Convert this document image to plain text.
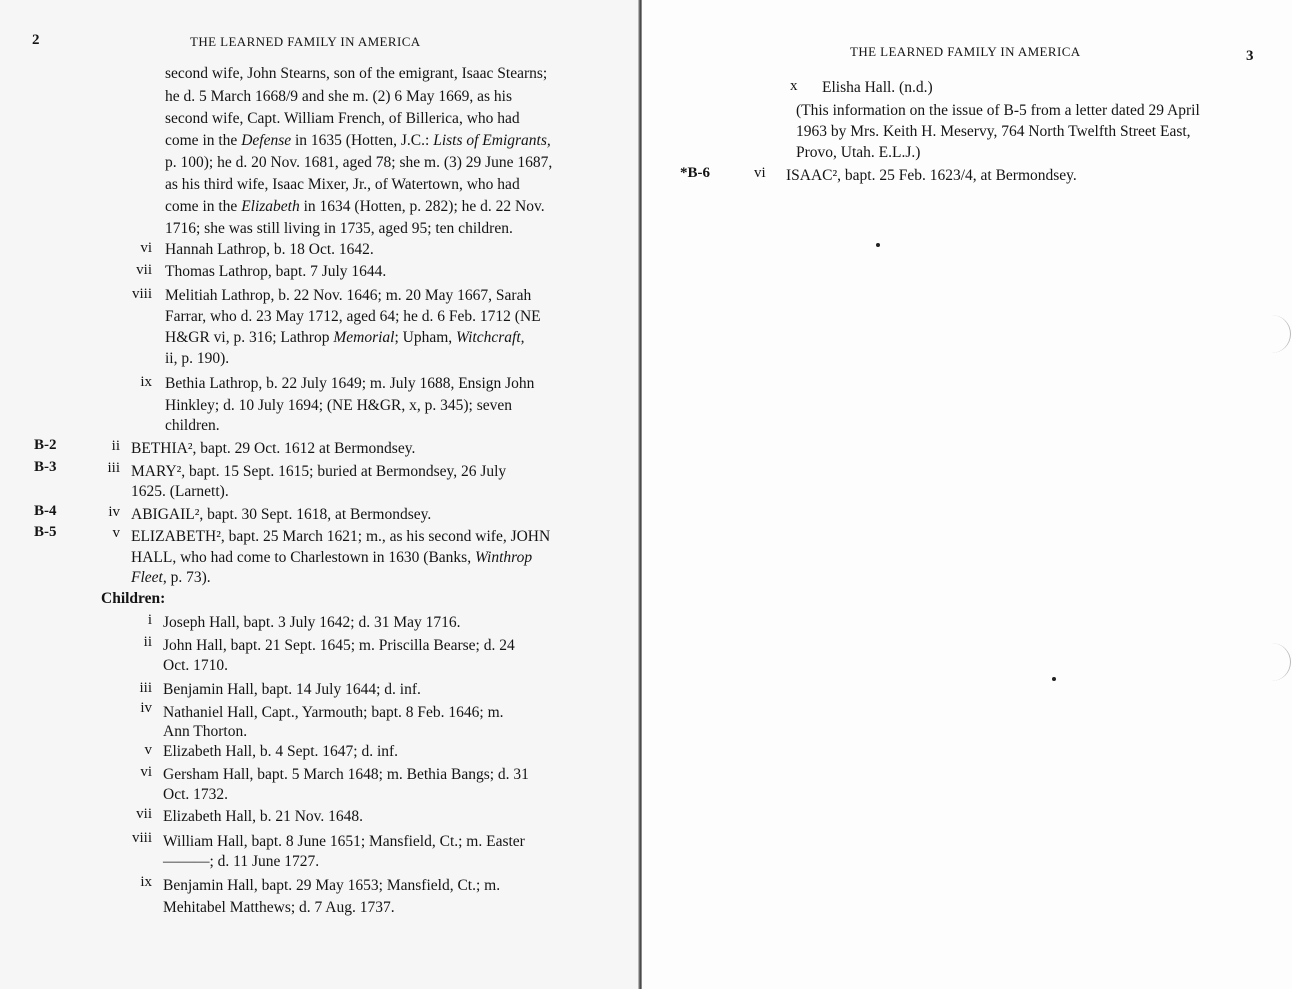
2	THE LEARNED FAMILY IN AMERICA
second wife, John Stearns, son of the emigrant, Isaac Stearns;
he d. 5 March 1668/9 and she m. (2) 6 May 1669, as his
second wife, Capt. William French, of Billerica, who had
come in the Defense in 1635 (Hotten, J.C.: Lists of Emigrants,
p. 100); he d. 20 Nov. 1681, aged 78; she m. (3) 29 June 1687,
as his third wife, Isaac Mixer, Jr., of Watertown, who had
come in the Elizabeth in 1634 (Hotten, p. 282); he d. 22 Nov.
1716; she was still living in 1735, aged 95; ten children.
vi Hannah Lathrop, b. 18 Oct. 1642.
vii Thomas Lathrop, bapt. 7 July 1644.
viii Melitiah Lathrop, b. 22 Nov. 1646; m. 20 May 1667, Sarah
Farrar, who d. 23 May 1712, aged 64; he d. 6 Feb. 1712 (NE
H&GR vi, p. 316; Lathrop Memorial; Upham, Witchcraft,
ii, p. 190).
ix Bethia Lathrop, b. 22 July 1649; m. July 1688, Ensign John
Hinkley; d. 10 July 1694; (NE H&GR, x, p. 345); seven
children.
B-2	ii BETHIA², bapt. 29 Oct. 1612 at Bermondsey.
B-3	iii MARY², bapt. 15 Sept. 1615; buried at Bermondsey, 26 July
1625. (Larnett).
B-4	iv ABIGAIL², bapt. 30 Sept. 1618, at Bermondsey.
B-5	v ELIZABETH², bapt. 25 March 1621; m., as his second wife, JOHN
HALL, who had come to Charlestown in 1630 (Banks, Winthrop
Fleet, p. 73).
Children:
i Joseph Hall, bapt. 3 July 1642; d. 31 May 1716.
ii John Hall, bapt. 21 Sept. 1645; m. Priscilla Bearse; d. 24
Oct. 1710.
iii Benjamin Hall, bapt. 14 July 1644; d. inf.
iv Nathaniel Hall, Capt., Yarmouth; bapt. 8 Feb. 1646; m.
Ann Thorton.
v Elizabeth Hall, b. 4 Sept. 1647; d. inf.
vi Gersham Hall, bapt. 5 March 1648; m. Bethia Bangs; d. 31
Oct. 1732.
vii Elizabeth Hall, b. 21 Nov. 1648.
viii William Hall, bapt. 8 June 1651; Mansfield, Ct.; m. Easter
———; d. 11 June 1727.
ix Benjamin Hall, bapt. 29 May 1653; Mansfield, Ct.; m.
Mehitabel Matthews; d. 7 Aug. 1737.
THE LEARNED FAMILY IN AMERICA	3
x	Elisha Hall. (n.d.)
(This information on the issue of B-5 from a letter dated 29 April
1963 by Mrs. Keith H. Meservy, 764 North Twelfth Street East,
Provo, Utah. E.L.J.)
*B-6	vi	ISAAC², bapt. 25 Feb. 1623/4, at Bermondsey.
